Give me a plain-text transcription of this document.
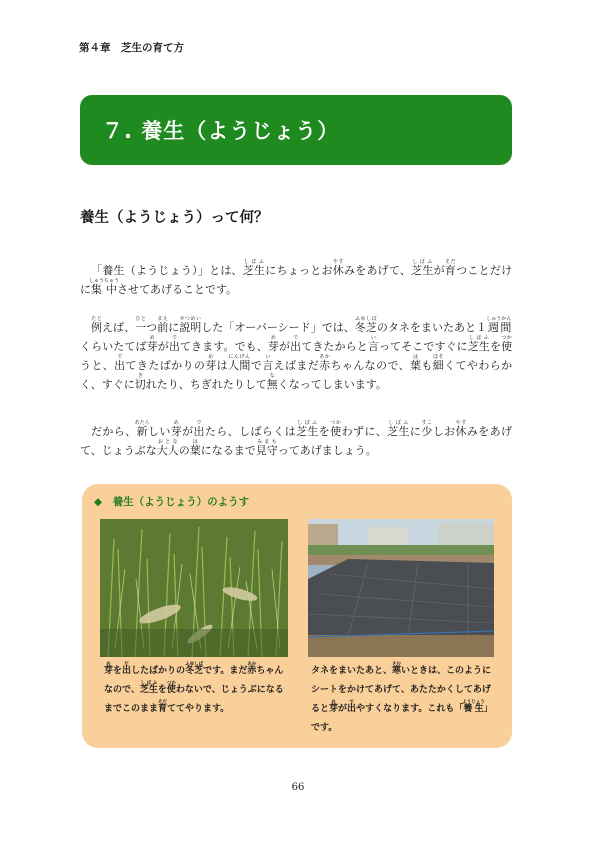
第４章　芝生の育て方
７. 養生（ようじょう）
養生（ようじょう）って何？

「養生（ようじょう）」とは、芝生しばふにちょっとお休やすみをあげて、芝生しばふが育そだつことだけに集中しゅうちゅうさせてあげることです。

例たとえば、一ひとつ前まえに説明せつめいした「オーバーシード」では、冬芝ふゆしばのタネをまいたあと１週間しゅうかんくらいたてば芽めが出でてきます。でも、芽めが出でてきたからと言いってそこですぐに芝生しばふを使つかうと、出でてきたばかりの芽めは人間にんげんで言いえばまだ赤あかちゃんなので、葉はも細ほそくてやわらかく、すぐに切きれたり、ちぎれたりして無なくなってしまいます。

だから、新あたらしい芽めが出でたら、しばらくは芝生しばふを使つかわずに、芝生しばふに少すこしお休やすみをあげて、じょうぶな大人おとなの葉はになるまで見守みまもってあげましょう。

◆　養生（ようじょう）のようす
芽めを出だしたばかりの冬芝ふゆしばです。まだ赤あかちゃんなので、芝生しばふを使つかわないで、じょうぶになるまでこのまま育そだててやります。
タネをまいたあと、寒さむいときは、このようにシートをかけてあげて、あたたかくしてあげると芽めが出でやすくなります。これも「養生ようじょう」です。
66
